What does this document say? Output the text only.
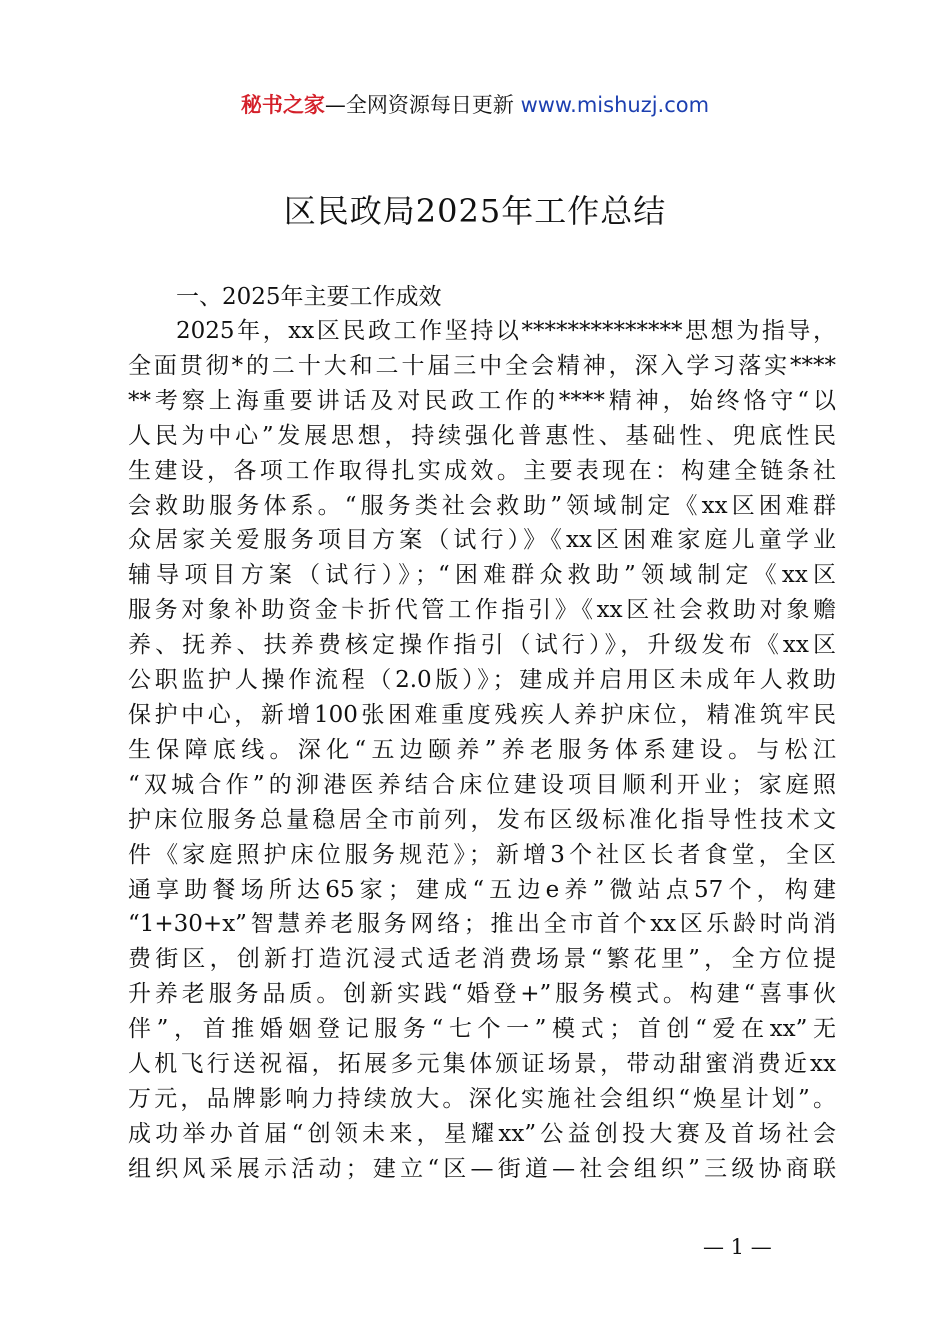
秘书之家—全网资源每日更新 www.mishuzj.com
区民政局2025年工作总结

一、2025年主要工作成效

2025年，xx区民政工作坚持以**************思想为指导，
全面贯彻*的二十大和二十届三中全会精神，深入学习落实****
**考察上海重要讲话及对民政工作的****精神，始终恪守“以
人民为中心”发展思想，持续强化普惠性、基础性、兜底性民
生建设，各项工作取得扎实成效。主要表现在：构建全链条社
会救助服务体系。“服务类社会救助”领域制定《xx区困难群
众居家关爱服务项目方案（试行）》《xx区困难家庭儿童学业
辅导项目方案（试行）》；“困难群众救助”领域制定《xx区
服务对象补助资金卡折代管工作指引》《xx区社会救助对象赡
养、抚养、扶养费核定操作指引（试行）》，升级发布《xx区
公职监护人操作流程（2.0版）》；建成并启用区未成年人救助
保护中心，新增100张困难重度残疾人养护床位，精准筑牢民
生保障底线。深化“五边颐养”养老服务体系建设。与松江
“双城合作”的泖港医养结合床位建设项目顺利开业；家庭照
护床位服务总量稳居全市前列，发布区级标准化指导性技术文
件《家庭照护床位服务规范》；新增3个社区长者食堂，全区
通享助餐场所达65家；建成“五边e养”微站点57个，构建
“1+30+x”智慧养老服务网络；推出全市首个xx区乐龄时尚消
费街区，创新打造沉浸式适老消费场景“繁花里”，全方位提
升养老服务品质。创新实践“婚登+”服务模式。构建“喜事伙
伴”，首推婚姻登记服务“七个一”模式；首创“爱在xx”无
人机飞行送祝福，拓展多元集体颁证场景，带动甜蜜消费近xx
万元，品牌影响力持续放大。深化实施社会组织“焕星计划”。
成功举办首届“创领未来，星耀xx”公益创投大赛及首场社会
组织风采展示活动；建立“区—街道—社会组织”三级协商联

— 1 —
